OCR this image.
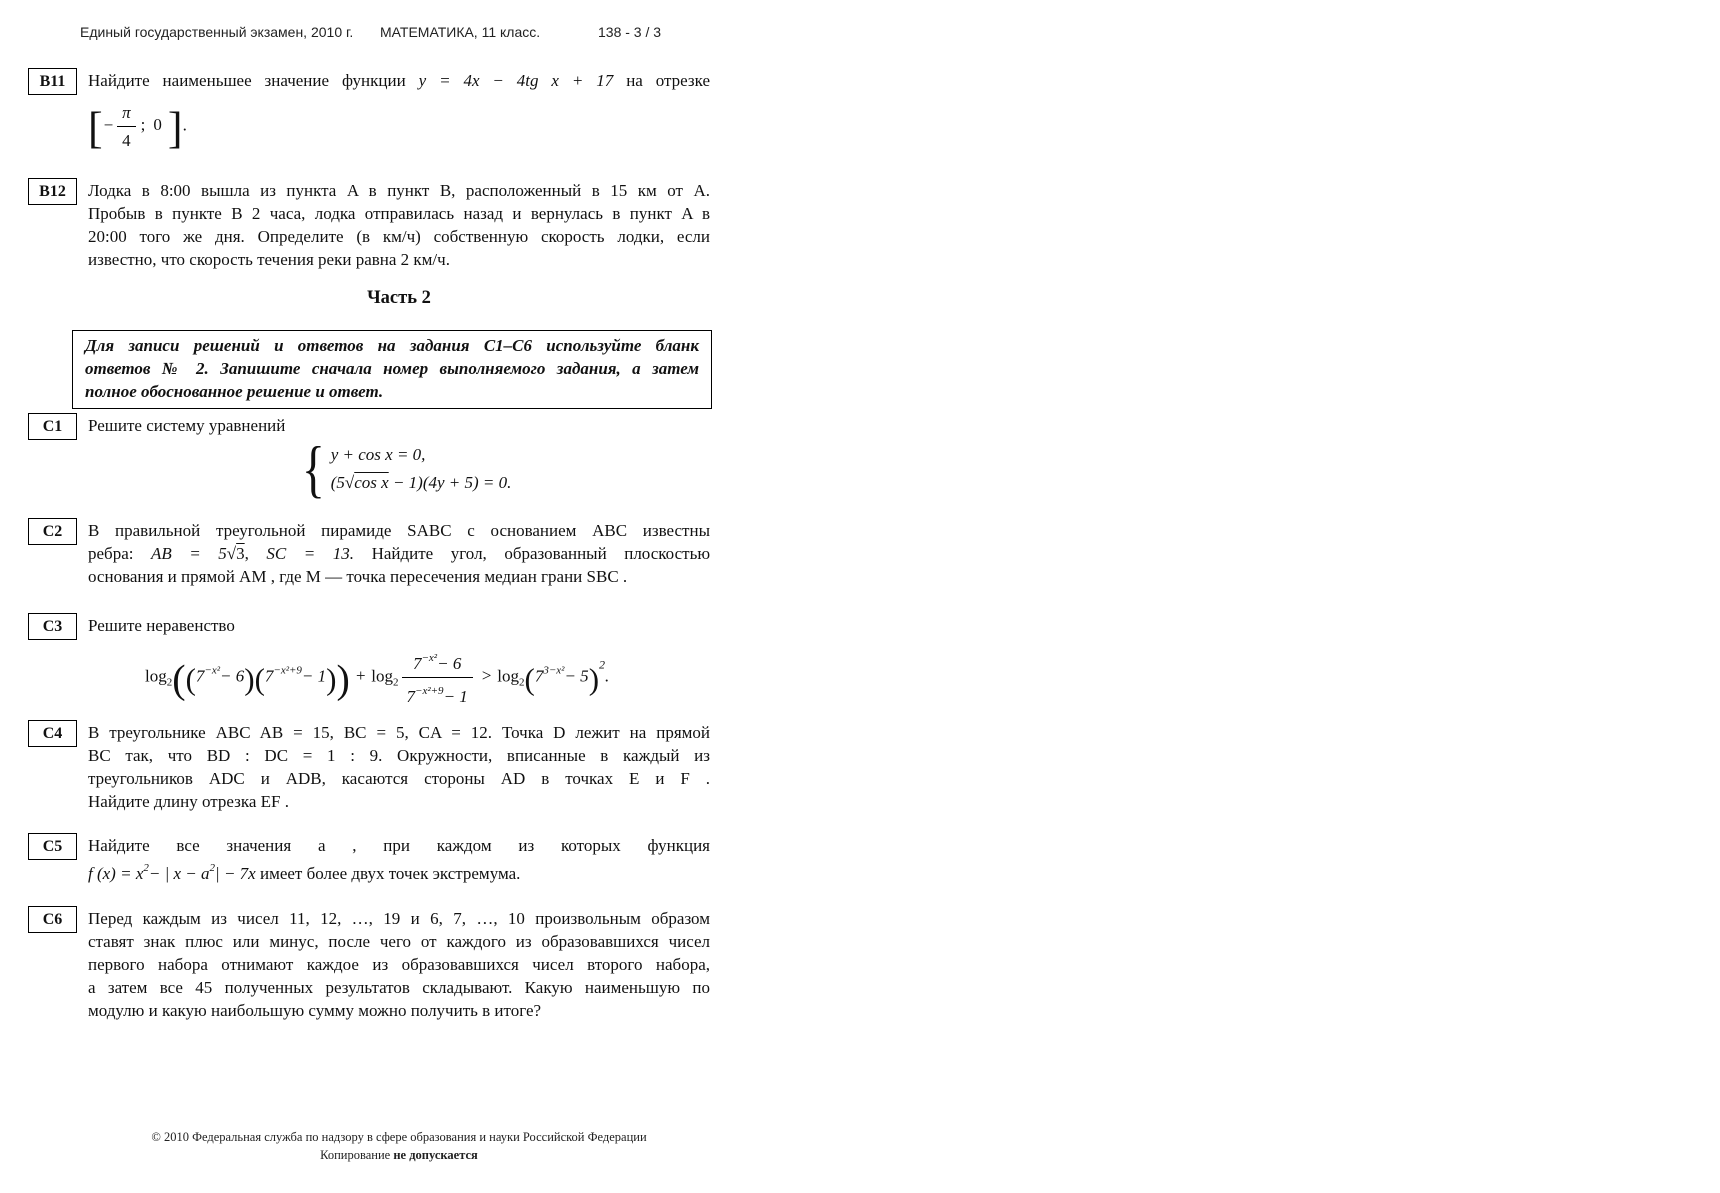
Единый государственный экзамен, 2010 г. МАТЕМАТИКА, 11 класс.	138 - 3 / 3
B11	Найдите наименьшее значение функции y = 4x − 4tg x + 17 на отрезке
[− $\frac{\pi}{4}$ ; 0 ].
B12	Лодка в 8:00 вышла из пункта A в пункт B, расположенный в 15 км от A.
Пробыв в пункте B 2 часа, лодка отправилась назад и вернулась в пункт A в
20:00 того же дня. Определите (в км/ч) собственную скорость лодки, если
известно, что скорость течения реки равна 2 км/ч.
Часть 2
Для записи решений и ответов на задания С1–С6 используйте бланк
ответов № 2. Запишите сначала номер выполняемого задания, а затем
полное обоснованное решение и ответ.
C1	Решите систему уравнений
{ y + cos x = 0,
(5√cos x − 1)(4y + 5) = 0.
C2	В правильной треугольной пирамиде SABC с основанием ABC известны
ребра: AB = 5√3, SC = 13. Найдите угол, образованный плоскостью
основания и прямой AM , где M — точка пересечения медиан грани SBC .
C3	Решите неравенство
$\log_2((7^{-x^2}- 6)(7^{-x^2+9}- 1)) + \log_2 \frac{7^{-x^2}- 6}{7^{-x^2+9}- 1} > \log_2(7^{3-x^2}- 5)^2$.
C4	В треугольнике ABC AB = 15, BC = 5, CA = 12. Точка D лежит на прямой
BC так, что BD : DC = 1 : 9. Окружности, вписанные в каждый из
треугольников ADC и ADB, касаются стороны AD в точках E и F .
Найдите длину отрезка EF .
C5	Найдите все значения a , при каждом из которых функция
f $(x) = x^2-$ | $x - a^2| - 7x$ имеет более двух точек экстремума.
C6	Перед каждым из чисел 11, 12, …, 19 и 6, 7, …, 10 произвольным образом
ставят знак плюс или минус, после чего от каждого из образовавшихся чисел
первого набора отнимают каждое из образовавшихся чисел второго набора,
а затем все 45 полученных результатов складывают. Какую наименьшую по
модулю и какую наибольшую сумму можно получить в итоге?
© 2010 Федеральная служба по надзору в сфере образования и науки Российской Федерации
Копирование не допускается
